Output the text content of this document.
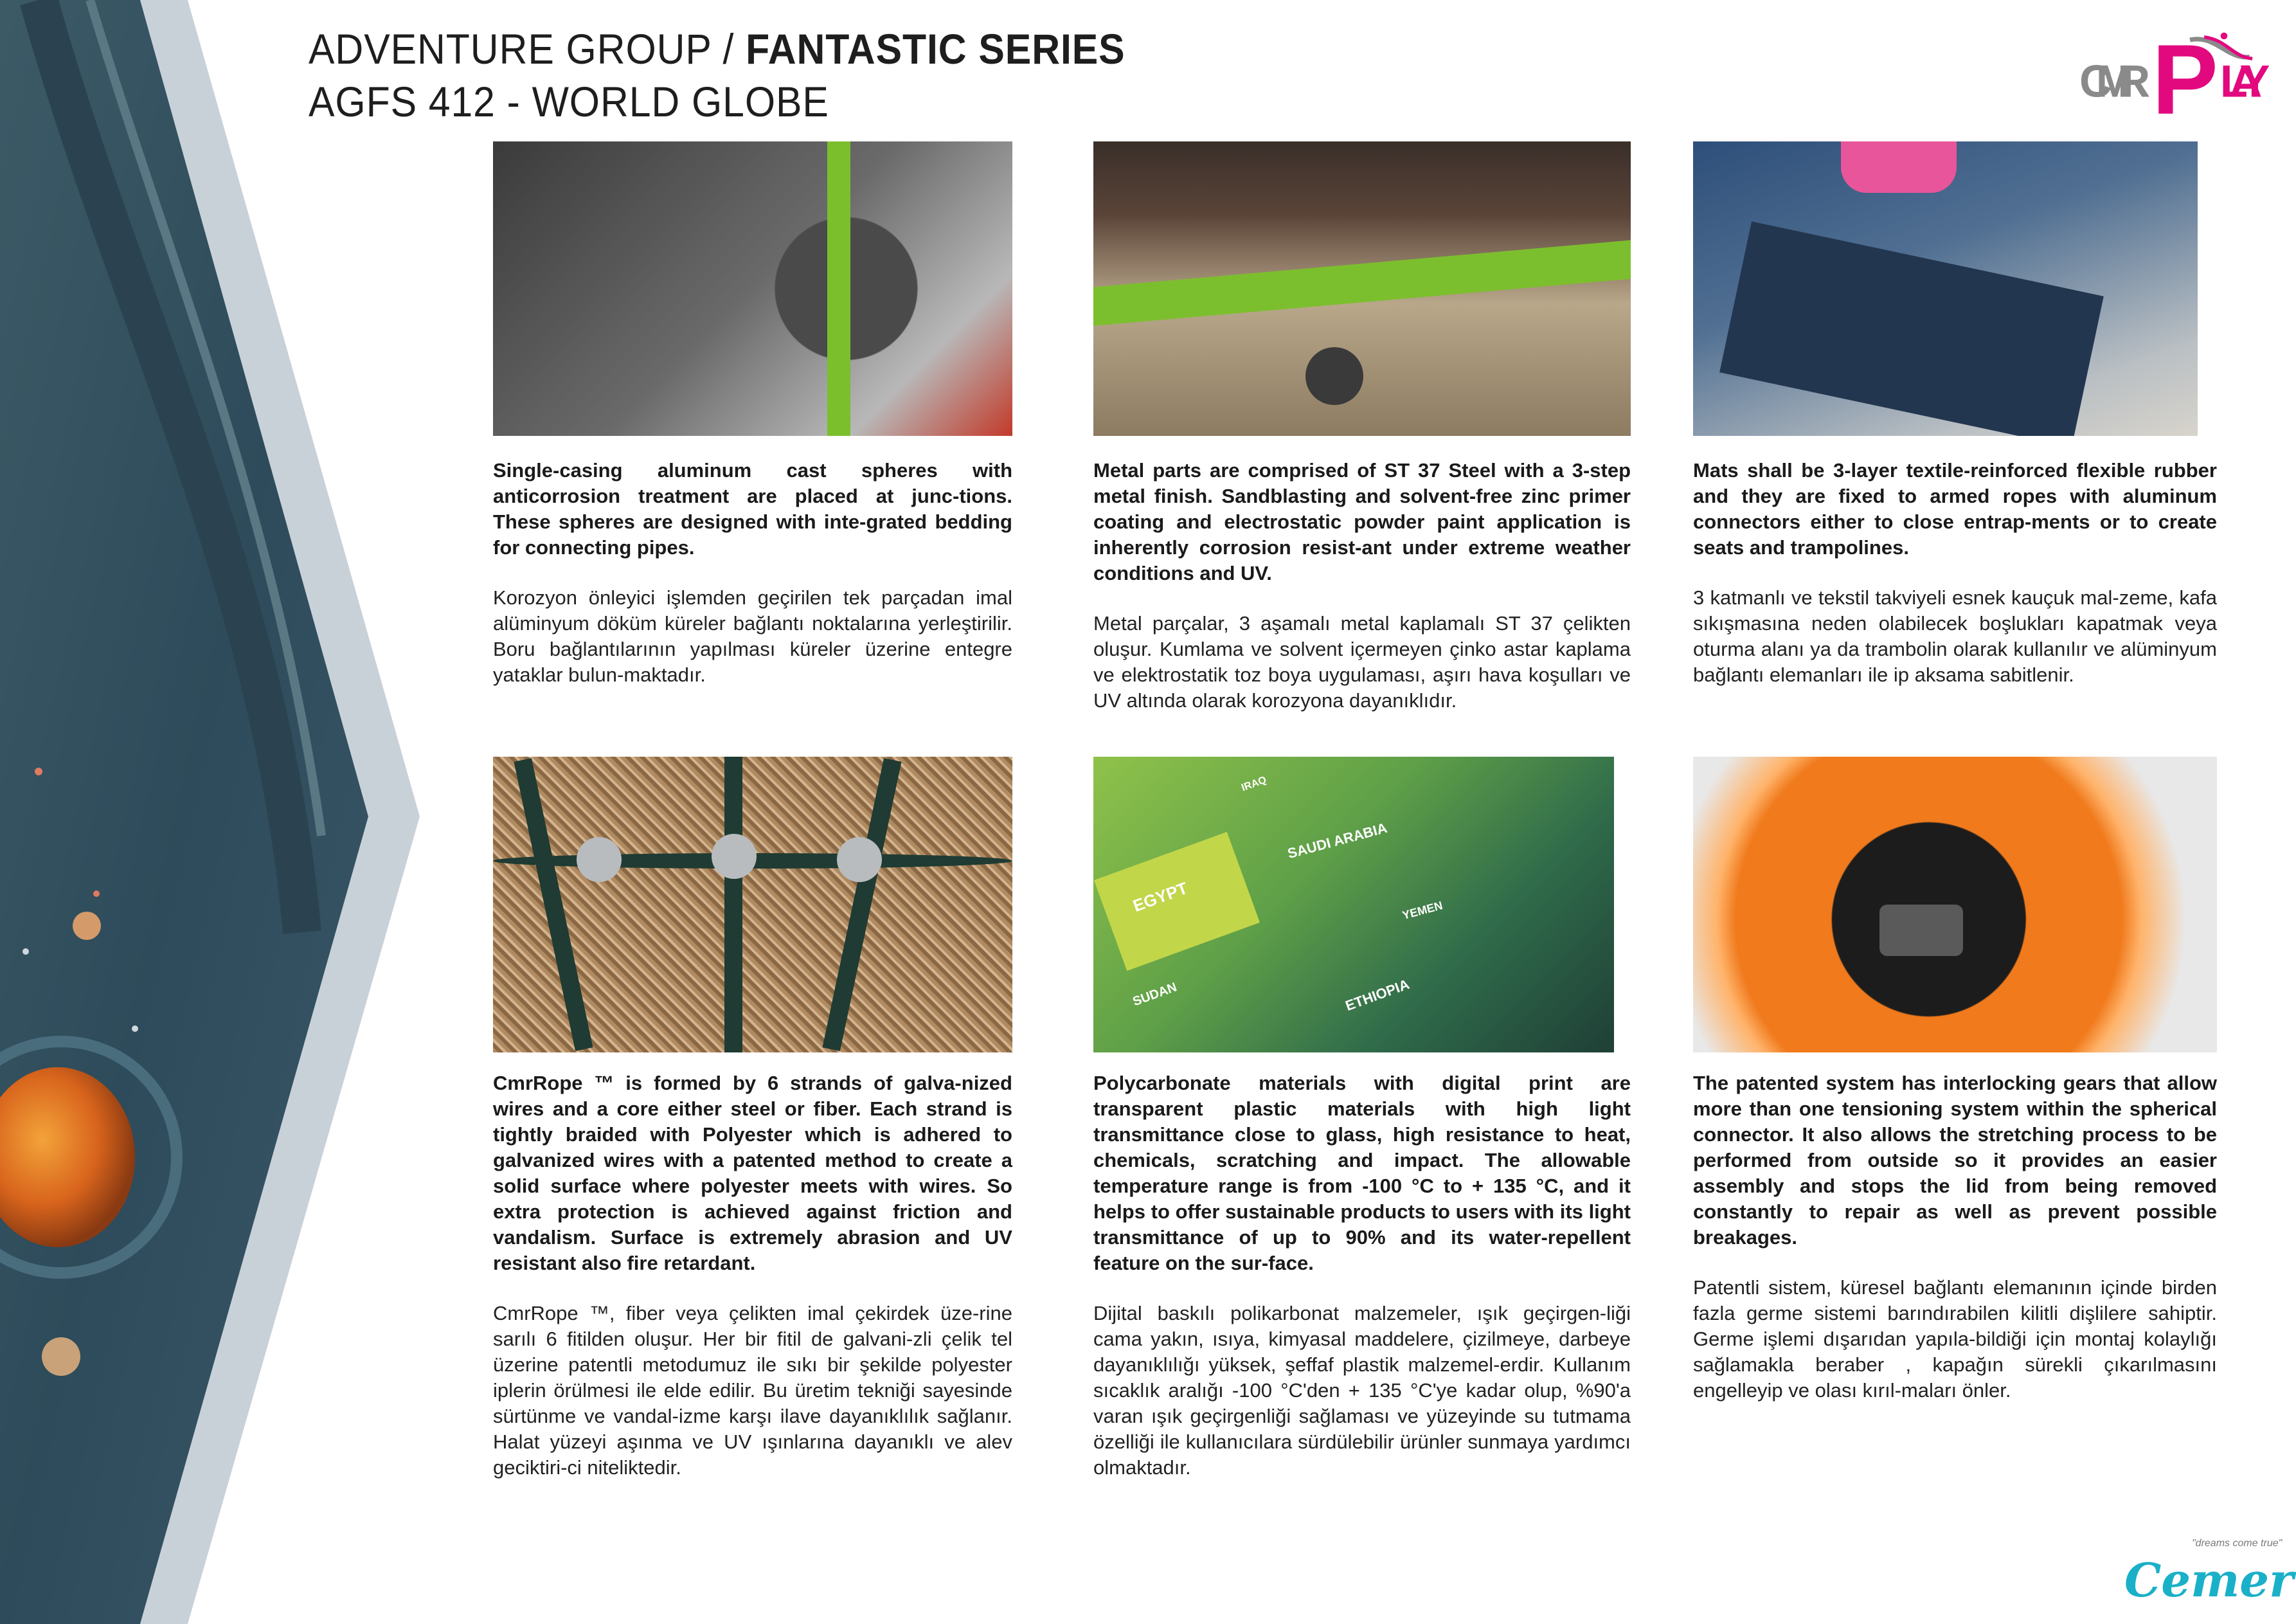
ADVENTURE GROUP / FANTASTIC SERIES
AGFS 412 - WORLD GLOBE	CMR P LAY

Single-casing aluminum cast spheres with anticorrosion treatment are placed at junc-tions. These spheres are designed with inte-grated bedding for connecting pipes.

Korozyon önleyici işlemden geçirilen tek parçadan imal alüminyum döküm küreler bağlantı noktalarına yerleştirilir. Boru bağlantılarının yapılması küreler üzerine entegre yataklar bulun-maktadır.

Metal parts are comprised of ST 37 Steel with a 3-step metal finish. Sandblasting and solvent-free zinc primer coating and electrostatic powder paint application is inherently corrosion resist-ant under extreme weather conditions and UV.

Metal parçalar, 3 aşamalı metal kaplamalı ST 37 çelikten oluşur. Kumlama ve solvent içermeyen çinko astar kaplama ve elektrostatik toz boya uygulaması, aşırı hava koşulları ve UV altında olarak korozyona dayanıklıdır.

Mats shall be 3-layer textile-reinforced flexible rubber and they are fixed to armed ropes with aluminum connectors either to close entrap-ments or to create seats and trampolines.

3 katmanlı ve tekstil takviyeli esnek kauçuk mal-zeme, kafa sıkışmasına neden olabilecek boşlukları kapatmak veya oturma alanı ya da trambolin olarak kullanılır ve alüminyum bağlantı elemanları ile ip aksama sabitlenir.

EGYPT
SUDAN
SAUDI ARABIA
YEMEN
ETHIOPIA
IRAQ

CmrRope ™ is formed by 6 strands of galva-nized wires and a core either steel or fiber. Each strand is tightly braided with Polyester which is adhered to galvanized wires with a patented method to create a solid surface where polyester meets with wires. So extra protection is achieved against friction and vandalism. Surface is extremely abrasion and UV resistant also fire retardant.

CmrRope ™, fiber veya çelikten imal çekirdek üze-rine sarılı 6 fitilden oluşur. Her bir fitil de galvani-zli çelik tel üzerine patentli metodumuz ile sıkı bir şekilde polyester iplerin örülmesi ile elde edilir. Bu üretim tekniği sayesinde sürtünme ve vandal-izme karşı ilave dayanıklılık sağlanır. Halat yüzeyi aşınma ve UV ışınlarına dayanıklı ve alev geciktiri-ci niteliktedir.

Polycarbonate materials with digital print are transparent plastic materials with high light transmittance close to glass, high resistance to heat, chemicals, scratching and impact. The allowable temperature range is from -100 °C to + 135 °C, and it helps to offer sustainable products to users with its light transmittance of up to 90% and its water-repellent feature on the sur-face.

Dijital baskılı polikarbonat malzemeler, ışık geçirgen-liği cama yakın, ısıya, kimyasal maddelere, çizilmeye, darbeye dayanıklılığı yüksek, şeffaf plastik malzemel-erdir. Kullanım sıcaklık aralığı -100 °C'den + 135 °C'ye kadar olup, %90'a varan ışık geçirgenliği sağlaması ve yüzeyinde su tutmama özelliği ile kullanıcılara sürdülebilir ürünler sunmaya yardımcı olmaktadır.

The patented system has interlocking gears that allow more than one tensioning system within the spherical connector. It also allows the stretching process to be performed from outside so it provides an easier assembly and stops the lid from being removed constantly to repair as well as prevent possible breakages.

Patentli sistem, küresel bağlantı elemanının içinde birden fazla germe sistemi barındırabilen kilitli dişlilere sahiptir. Germe işlemi dışarıdan yapıla-bildiği için montaj kolaylığı sağlamakla beraber , kapağın sürekli çıkarılmasını engelleyip ve olası kırıl-maları önler.

"dreams come true"
Cemer
